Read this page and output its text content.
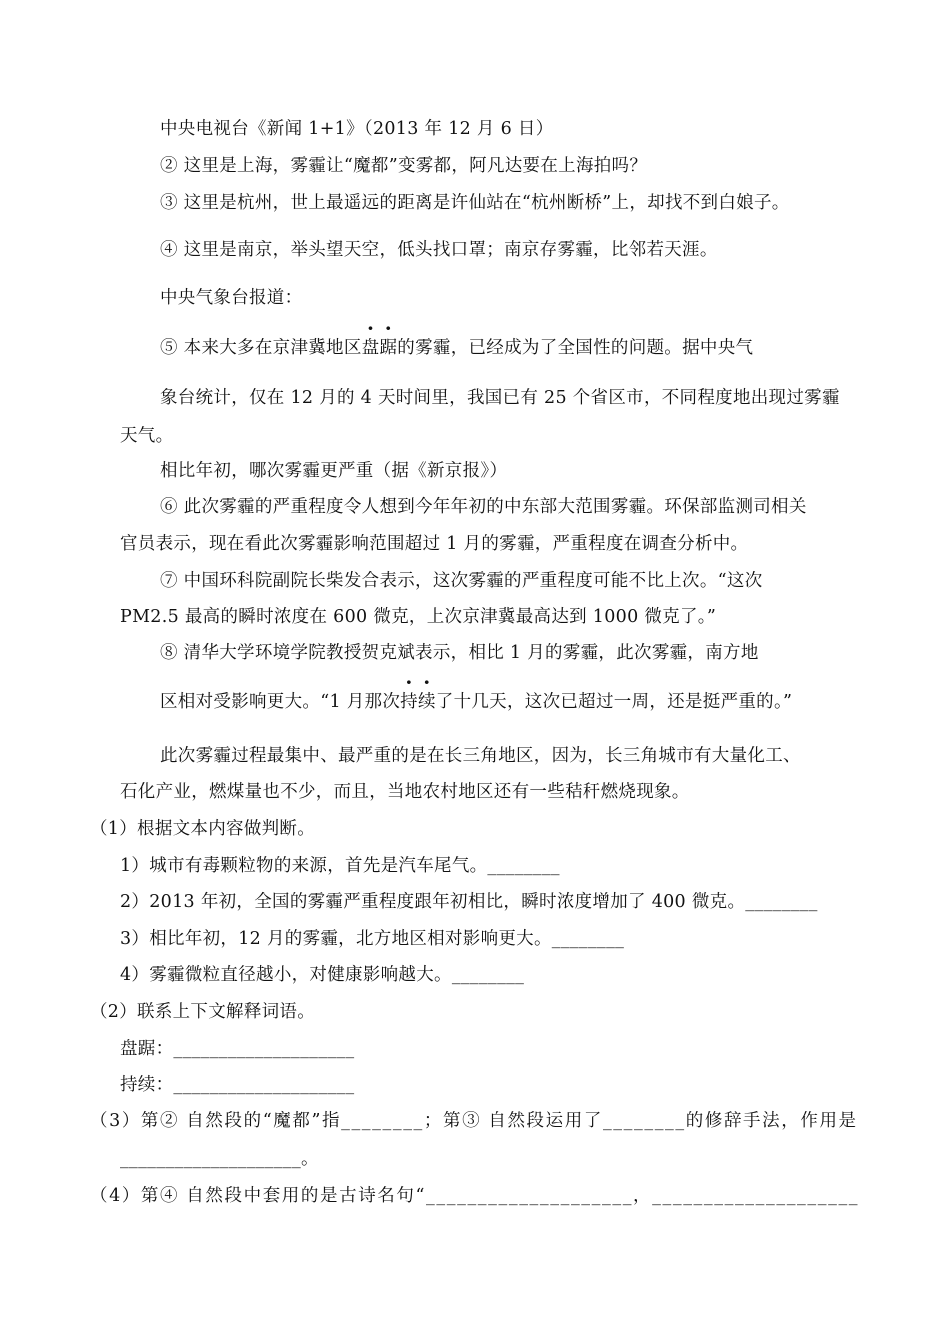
中央电视台《新闻 1+1》（2013 年 12 月 6 日）
② 这里是上海，雾霾让“魔都”变雾都，阿凡达要在上海拍吗？
③ 这里是杭州，世上最遥远的距离是许仙站在“杭州断桥”上，却找不到白娘子。
④ 这里是南京，举头望天空，低头找口罩；南京存雾霾，比邻若天涯。
中央气象台报道：
⑤ 本来大多在京津冀地区盘踞的雾霾，已经成为了全国性的问题。据中央气
象台统计，仅在 12 月的 4 天时间里，我国已有 25 个省区市，不同程度地出现过雾霾
天气。
相比年初，哪次雾霾更严重（据《新京报》）
⑥ 此次雾霾的严重程度令人想到今年年初的中东部大范围雾霾。环保部监测司相关
官员表示，现在看此次雾霾影响范围超过 1 月的雾霾，严重程度在调查分析中。
⑦ 中国环科院副院长柴发合表示，这次雾霾的严重程度可能不比上次。“这次
PM2.5 最高的瞬时浓度在 600 微克，上次京津冀最高达到 1000 微克了。”
⑧ 清华大学环境学院教授贺克斌表示，相比 1 月的雾霾，此次雾霾，南方地
区相对受影响更大。“1 月那次持续了十几天，这次已超过一周，还是挺严重的。”
此次雾霾过程最集中、最严重的是在长三角地区，因为，长三角城市有大量化工、
石化产业，燃煤量也不少，而且，当地农村地区还有一些秸秆燃烧现象。
（1）根据文本内容做判断。
1）城市有毒颗粒物的来源，首先是汽车尾气。________
2）2013 年初，全国的雾霾严重程度跟年初相比，瞬时浓度增加了 400 微克。________
3）相比年初，12 月的雾霾，北方地区相对影响更大。________
4）雾霾微粒直径越小，对健康影响越大。________
（2）联系上下文解释词语。
盘踞：____________________
持续：____________________
（3）第② 自然段的“魔都”指________；第③ 自然段运用了________的修辞手法，作用是
____________________。
（4）第④ 自然段中套用的是古诗名句“____________________，____________________
